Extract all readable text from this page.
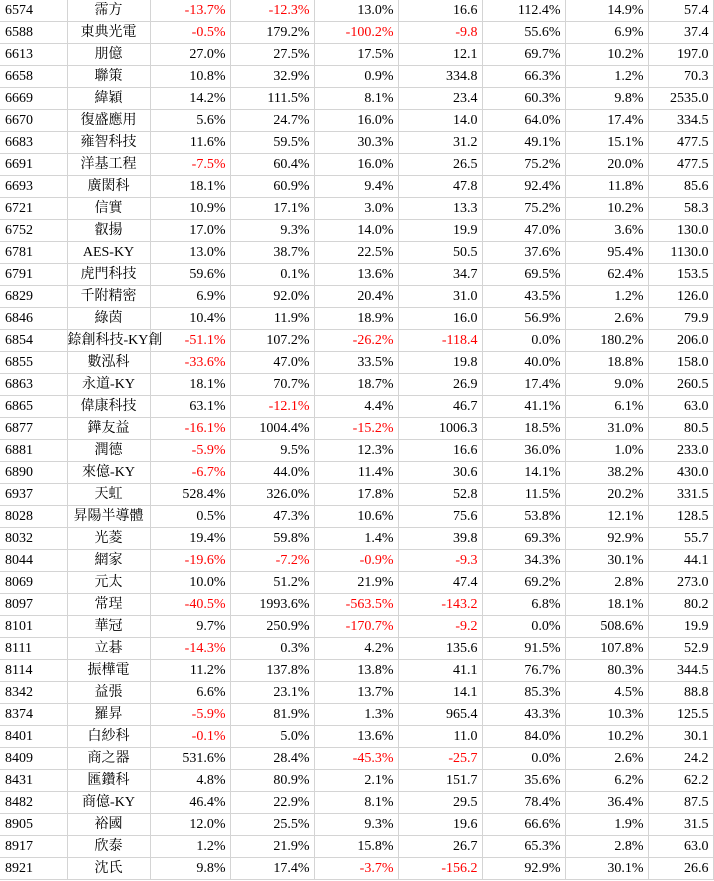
6574	霈方	-13.7%	-12.3%	13.0%	16.6	112.4%	14.9%	57.4
6588	東典光電	-0.5%	179.2%	-100.2%	-9.8	55.6%	6.9%	37.4
6613	朋億	27.0%	27.5%	17.5%	12.1	69.7%	10.2%	197.0
6658	聯策	10.8%	32.9%	0.9%	334.8	66.3%	1.2%	70.3
6669	緯穎	14.2%	111.5%	8.1%	23.4	60.3%	9.8%	2535.0
6670	復盛應用	5.6%	24.7%	16.0%	14.0	64.0%	17.4%	334.5
6683	雍智科技	11.6%	59.5%	30.3%	31.2	49.1%	15.1%	477.5
6691	洋基工程	-7.5%	60.4%	16.0%	26.5	75.2%	20.0%	477.5
6693	廣閎科	18.1%	60.9%	9.4%	47.8	92.4%	11.8%	85.6
6721	信實	10.9%	17.1%	3.0%	13.3	75.2%	10.2%	58.3
6752	叡揚	17.0%	9.3%	14.0%	19.9	47.0%	3.6%	130.0
6781	AES-KY	13.0%	38.7%	22.5%	50.5	37.6%	95.4%	1130.0
6791	虎門科技	59.6%	0.1%	13.6%	34.7	69.5%	62.4%	153.5
6829	千附精密	6.9%	92.0%	20.4%	31.0	43.5%	1.2%	126.0
6846	綠茵	10.4%	11.9%	18.9%	16.0	56.9%	2.6%	79.9
6854	錼創科技-KY創	-51.1%	107.2%	-26.2%	-118.4	0.0%	180.2%	206.0
6855	數泓科	-33.6%	47.0%	33.5%	19.8	40.0%	18.8%	158.0
6863	永道-KY	18.1%	70.7%	18.7%	26.9	17.4%	9.0%	260.5
6865	偉康科技	63.1%	-12.1%	4.4%	46.7	41.1%	6.1%	63.0
6877	鏵友益	-16.1%	1004.4%	-15.2%	1006.3	18.5%	31.0%	80.5
6881	潤德	-5.9%	9.5%	12.3%	16.6	36.0%	1.0%	233.0
6890	來億-KY	-6.7%	44.0%	11.4%	30.6	14.1%	38.2%	430.0
6937	天虹	528.4%	326.0%	17.8%	52.8	11.5%	20.2%	331.5
8028	昇陽半導體	0.5%	47.3%	10.6%	75.6	53.8%	12.1%	128.5
8032	光菱	19.4%	59.8%	1.4%	39.8	69.3%	92.9%	55.7
8044	網家	-19.6%	-7.2%	-0.9%	-9.3	34.3%	30.1%	44.1
8069	元太	10.0%	51.2%	21.9%	47.4	69.2%	2.8%	273.0
8097	常珵	-40.5%	1993.6%	-563.5%	-143.2	6.8%	18.1%	80.2
8101	華冠	9.7%	250.9%	-170.7%	-9.2	0.0%	508.6%	19.9
8111	立碁	-14.3%	0.3%	4.2%	135.6	91.5%	107.8%	52.9
8114	振樺電	11.2%	137.8%	13.8%	41.1	76.7%	80.3%	344.5
8342	益張	6.6%	23.1%	13.7%	14.1	85.3%	4.5%	88.8
8374	羅昇	-5.9%	81.9%	1.3%	965.4	43.3%	10.3%	125.5
8401	白紗科	-0.1%	5.0%	13.6%	11.0	84.0%	10.2%	30.1
8409	商之器	531.6%	28.4%	-45.3%	-25.7	0.0%	2.6%	24.2
8431	匯鑽科	4.8%	80.9%	2.1%	151.7	35.6%	6.2%	62.2
8482	商億-KY	46.4%	22.9%	8.1%	29.5	78.4%	36.4%	87.5
8905	裕國	12.0%	25.5%	9.3%	19.6	66.6%	1.9%	31.5
8917	欣泰	1.2%	21.9%	15.8%	26.7	65.3%	2.8%	63.0
8921	沈氏	9.8%	17.4%	-3.7%	-156.2	92.9%	30.1%	26.6
